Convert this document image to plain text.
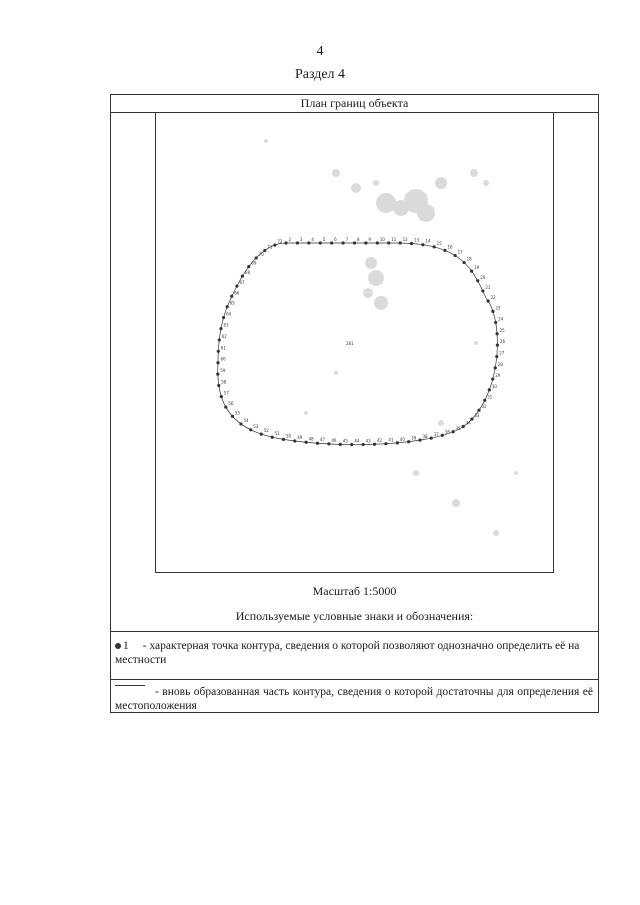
4
Раздел 4
План границ объекта
2 3 4 5 6 7 8 9 10 11 12 13 14 15
16
17
18
19
20
21
22
23
24
25
26
27
28
29
30
31
32
33
34
35
36
37
38
39
40
41
42
43
44
45
46
47
48
49
50
51
52
53
54
55
56
57
58
59
60
61
62
63
64
65
66
67
68
69
70
71
72
281
Масштаб 1:5000
Используемые условные знаки и обозначения:
1 - характерная точка контура, сведения о которой позволяют однозначно определить её на местности
- вновь образованная часть контура, сведения о которой достаточны для определения её местоположения
